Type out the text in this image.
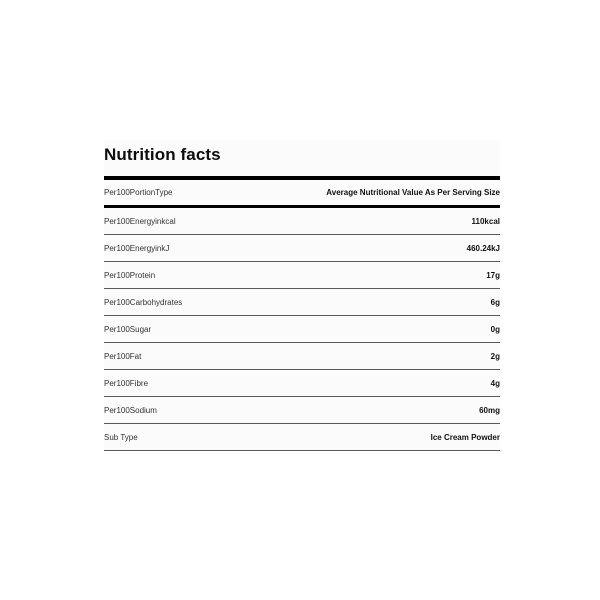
Nutrition facts
Per100PortionType	Average Nutritional Value As Per Serving Size
Per100Energyinkcal	110kcal
Per100EnergyinkJ	460.24kJ
Per100Protein	17g
Per100Carbohydrates	6g
Per100Sugar	0g
Per100Fat	2g
Per100Fibre	4g
Per100Sodium	60mg
Sub Type	Ice Cream Powder
